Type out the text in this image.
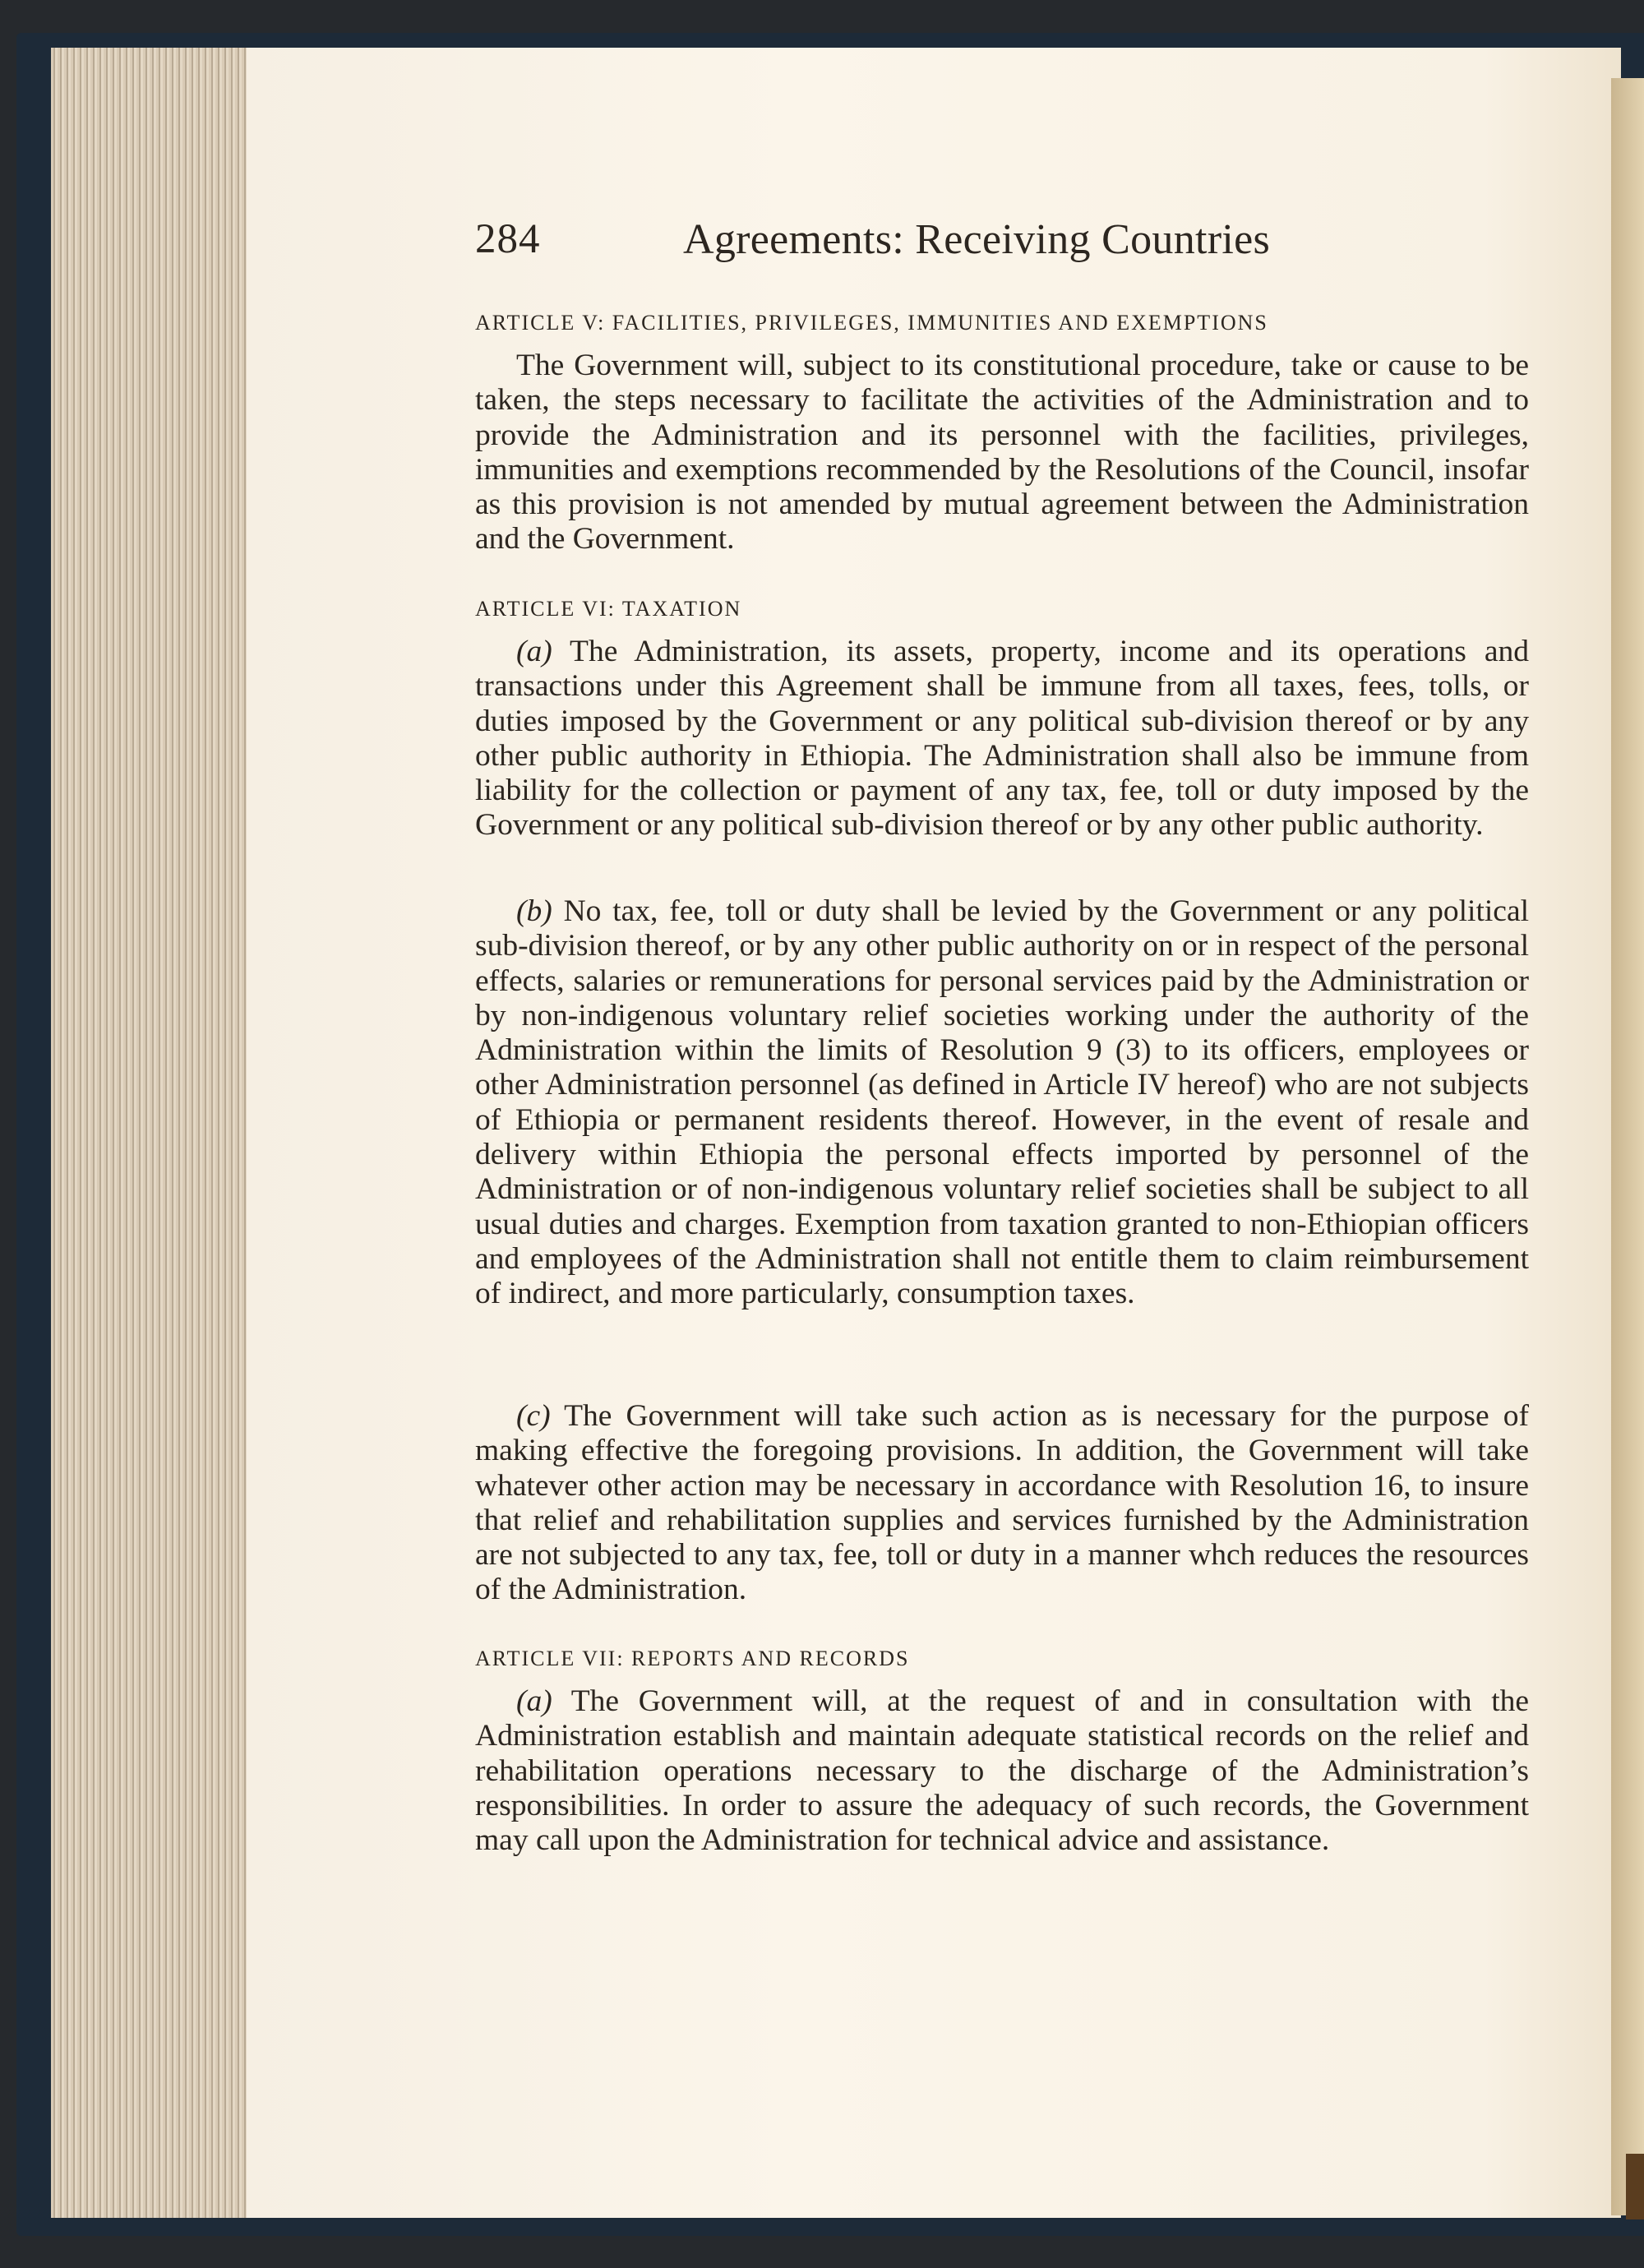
284	Agreements: Receiving Countries
ARTICLE V: FACILITIES, PRIVILEGES, IMMUNITIES AND EXEMPTIONS

The Government will, subject to its constitutional procedure, take or cause to be taken, the steps necessary to facilitate the activities of the Administration and to provide the Administration and its personnel with the facilities, privileges, immunities and exemptions recommended by the Resolutions of the Council, insofar as this provision is not amended by mutual agreement between the Administration and the Government.

ARTICLE VI: TAXATION

(a) The Administration, its assets, property, income and its operations and transactions under this Agreement shall be immune from all taxes, fees, tolls, or duties imposed by the Government or any political sub-division thereof or by any other public authority in Ethiopia. The Administration shall also be immune from liability for the collection or payment of any tax, fee, toll or duty imposed by the Government or any political sub-division thereof or by any other public authority.

(b) No tax, fee, toll or duty shall be levied by the Government or any political sub-division thereof, or by any other public authority on or in respect of the personal effects, salaries or remunerations for personal services paid by the Administration or by non-indigenous voluntary relief societies working under the authority of the Administration within the limits of Resolution 9 (3) to its officers, employees or other Administration personnel (as defined in Article IV hereof) who are not subjects of Ethiopia or permanent residents thereof. However, in the event of resale and delivery within Ethiopia the personal effects imported by personnel of the Administration or of non-indigenous voluntary relief societies shall be subject to all usual duties and charges. Exemption from taxation granted to non-Ethiopian officers and employees of the Administration shall not entitle them to claim reimbursement of indirect, and more particularly, consumption taxes.

(c) The Government will take such action as is necessary for the purpose of making effective the foregoing provisions. In addition, the Government will take whatever other action may be necessary in accordance with Resolution 16, to insure that relief and rehabilitation supplies and services furnished by the Administration are not subjected to any tax, fee, toll or duty in a manner whch reduces the resources of the Administration.

ARTICLE VII: REPORTS AND RECORDS

(a) The Government will, at the request of and in consultation with the Administration establish and maintain adequate statistical records on the relief and rehabilitation operations necessary to the discharge of the Administration’s responsibilities. In order to assure the adequacy of such records, the Government may call upon the Administration for technical advice and assistance.
